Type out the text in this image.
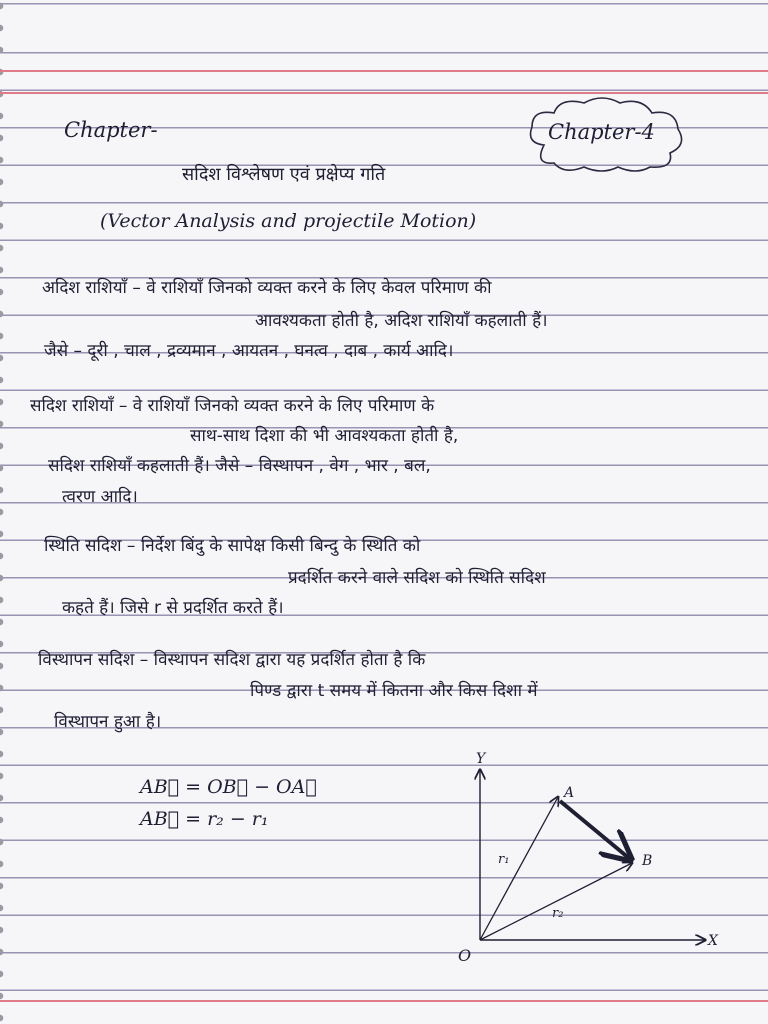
Chapter-	Chapter-4
सदिश विश्लेषण एवं प्रक्षेप्य गति
(Vector Analysis and projectile Motion)
अदिश राशियाँ – वे राशियाँ जिनको व्यक्त करने के लिए केवल परिमाण की
आवश्यकता होती है, अदिश राशियाँ कहलाती हैं।
जैसे – दूरी , चाल , द्रव्यमान , आयतन , घनत्व , दाब , कार्य आदि।
सदिश राशियाँ – वे राशियाँ जिनको व्यक्त करने के लिए परिमाण के
साथ-साथ दिशा की भी आवश्यकता होती है,
सदिश राशियाँ कहलाती हैं। जैसे – विस्थापन , वेग , भार , बल,
त्वरण आदि।
स्थिति सदिश – निर्देश बिंदु के सापेक्ष किसी बिन्दु के स्थिति को
प्रदर्शित करने वाले सदिश को स्थिति सदिश
कहते हैं। जिसे r से प्रदर्शित करते हैं।
विस्थापन सदिश – विस्थापन सदिश द्वारा यह प्रदर्शित होता है कि
पिण्ड द्वारा t समय में कितना और किस दिशा में
विस्थापन हुआ है।
AB⃗ = OB⃗ − OA⃗
AB⃗ = r₂ − r₁
Y
X
O
A
B
r₁
r₂
